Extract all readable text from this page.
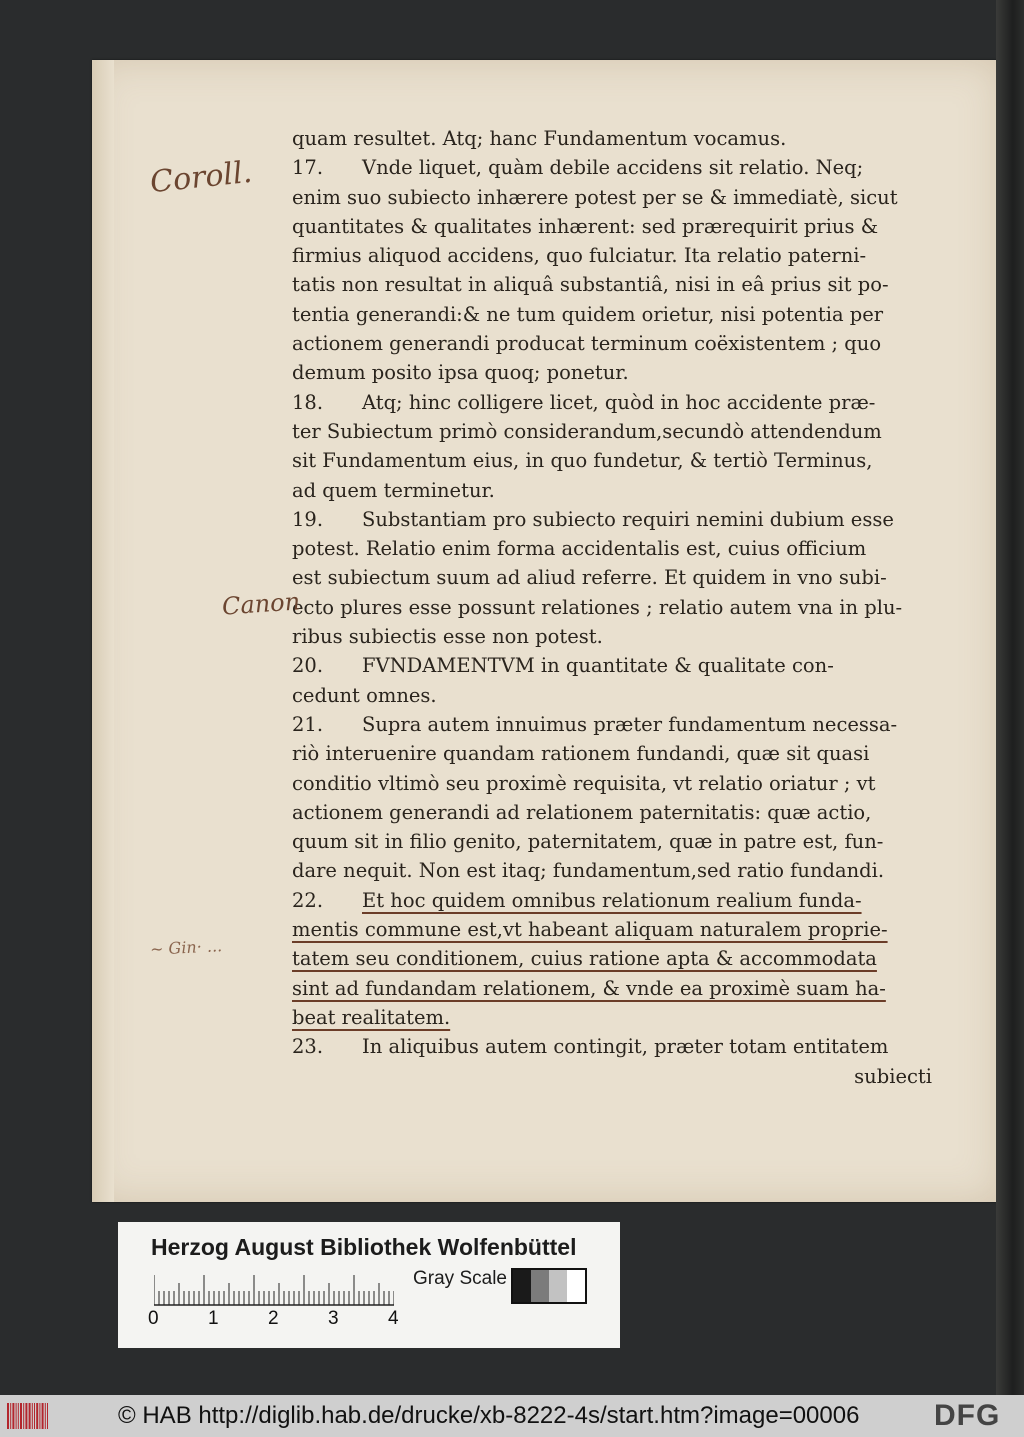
quam resultet. Atq; hanc Fundamentum vocamus.
17. Vnde liquet, quàm debile accidens sit relatio. Neq;
enim suo subiecto inhærere potest per se & immediatè, sicut
quantitates & qualitates inhærent: sed prærequirit prius &
firmius aliquod accidens, quo fulciatur. Ita relatio paterni-
tatis non resultat in aliquâ substantiâ, nisi in eâ prius sit po-
tentia generandi:& ne tum quidem orietur, nisi potentia per
actionem generandi producat terminum coëxistentem ; quo
demum posito ipsa quoq; ponetur.
18. Atq; hinc colligere licet, quòd in hoc accidente præ-
ter Subiectum primò considerandum,secundò attendendum
sit Fundamentum eius, in quo fundetur, & tertiò Terminus,
ad quem terminetur.
19. Substantiam pro subiecto requiri nemini dubium esse
potest. Relatio enim forma accidentalis est, cuius officium
est subiectum suum ad aliud referre. Et quidem in vno subi-
ecto plures esse possunt relationes ; relatio autem vna in plu-
ribus subiectis esse non potest.
20. FVNDAMENTVM in quantitate & qualitate con-
cedunt omnes.
21. Supra autem innuimus præter fundamentum necessa-
riò interuenire quandam rationem fundandi, quæ sit quasi
conditio vltimò seu proximè requisita, vt relatio oriatur ; vt
actionem generandi ad relationem paternitatis: quæ actio,
quum sit in filio genito, paternitatem, quæ in patre est, fun-
dare nequit. Non est itaq; fundamentum,sed ratio fundandi.
22. Et hoc quidem omnibus relationum realium funda-
mentis commune est,vt habeant aliquam naturalem proprie-
tatem seu conditionem, cuius ratione apta & accommodata
sint ad fundandam relationem, & vnde ea proximè suam ha-
beat realitatem.
23. In aliquibus autem contingit, præter totam entitatem
subiecti
Coroll.
Canon
~ Gin· ...
Herzog August Bibliothek Wolfenbüttel
0	1	2	3	4
Gray Scale
© HAB http://diglib.hab.de/drucke/xb-8222-4s/start.htm?image=00006 DFG
